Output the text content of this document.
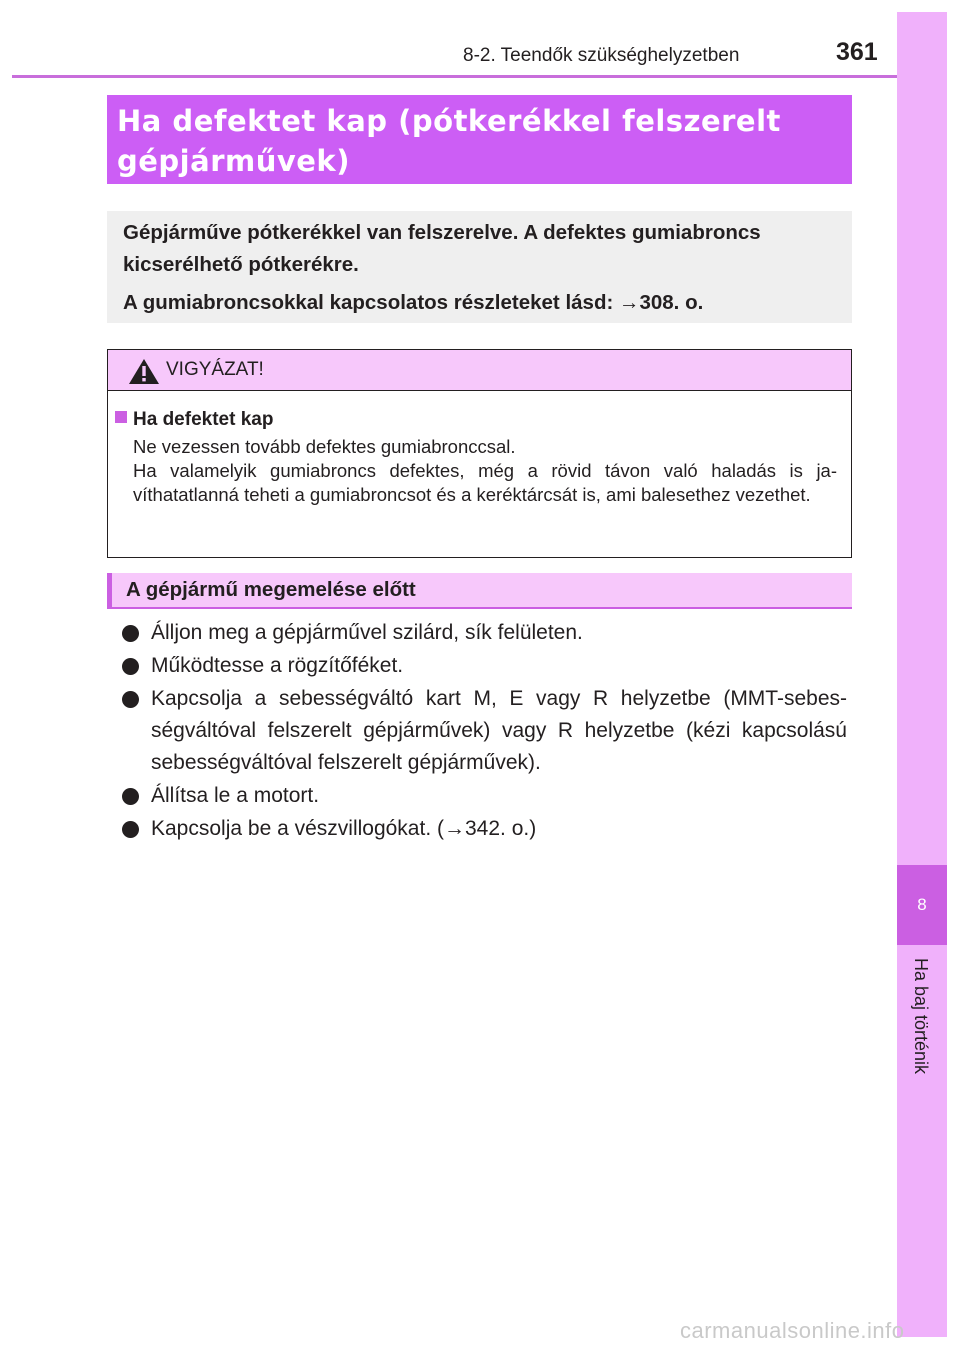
8-2. Teendők szükséghelyzetben	361
8
Ha baj történik
Ha defektet kap (pótkerékkel felszerelt
gépjárművek)
Gépjárműve pótkerékkel van felszerelve. A defektes gumiabroncs
kicserélhető pótkerékre.
A gumiabroncsokkal kapcsolatos részleteket lásd: →308. o.
VIGYÁZAT!
Ha defektet kap
Ne vezessen tovább defektes gumiabronccsal.
Ha valamelyik gumiabroncs defektes, még a rövid távon való haladás is ja-víthatatlanná teheti a gumiabroncsot és a keréktárcsát is, ami balesethez vezethet.
A gépjármű megemelése előtt
Álljon meg a gépjárművel szilárd, sík felületen.
Működtesse a rögzítőféket.
Kapcsolja a sebességváltó kart M, E vagy R helyzetbe (MMT-sebes-ségváltóval felszerelt gépjárművek) vagy R helyzetbe (kézi kapcsolású sebességváltóval felszerelt gépjárművek).
Állítsa le a motort.
Kapcsolja be a vészvillogókat. (→342. o.)
carmanualsonline.info
